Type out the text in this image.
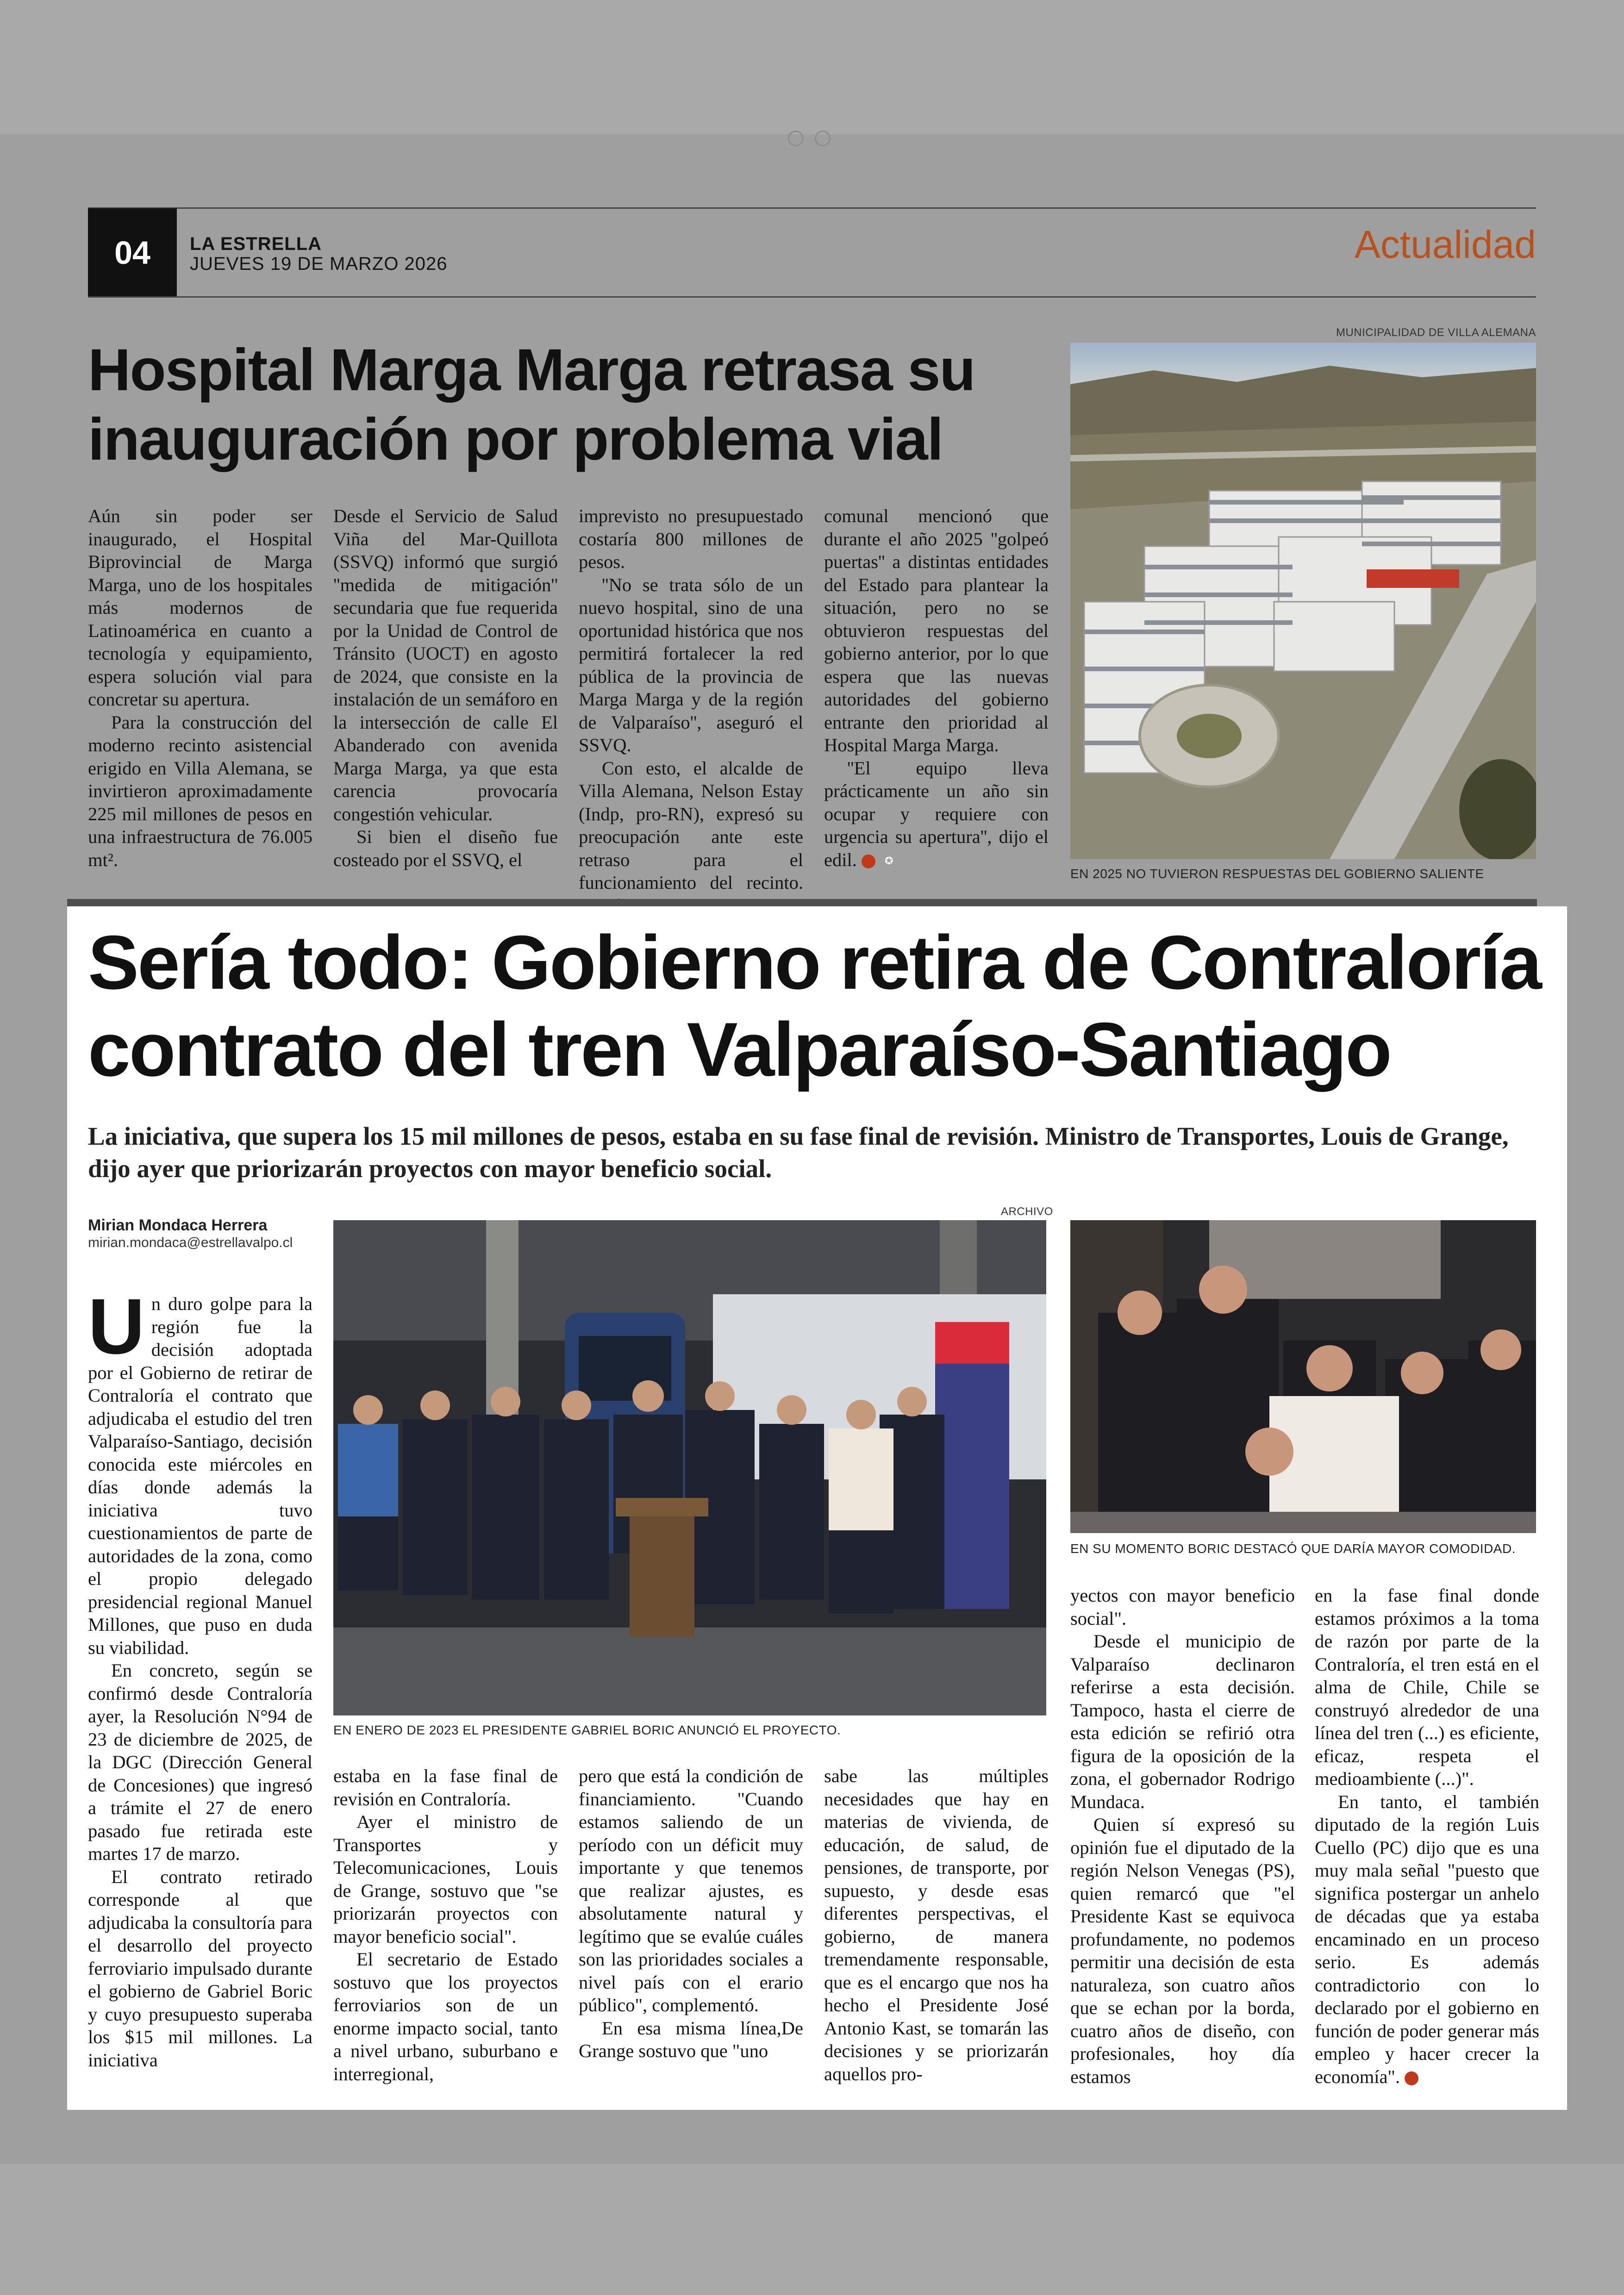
04	LA ESTRELLA
JUEVES 19 DE MARZO 2026	Actualidad
Hospital Marga Marga retrasa su inauguración por problema vial

Aún sin poder ser inaugurado, el Hospital Biprovincial de Marga Marga, uno de los hospitales más modernos de Latinoamérica en cuanto a tecnología y equipamiento, espera solución vial para concretar su apertura.

Para la construcción del moderno recinto asistencial erigido en Villa Alemana, se invirtieron aproximadamente 225 mil millones de pesos en una infraestructura de 76.005 mt².

Desde el Servicio de Salud Viña del Mar-Quillota (SSVQ) informó que surgió ''medida de mitigación'' secundaria que fue requerida por la Unidad de Control de Tránsito (UOCT) en agosto de 2024, que consiste en la instalación de un semáforo en la intersección de calle El Abanderado con avenida Marga Marga, ya que esta carencia provocaría congestión vehicular.

Si bien el diseño fue costeado por el SSVQ, el

imprevisto no presupuestado costaría 800 millones de pesos.

''No se trata sólo de un nuevo hospital, sino de una oportunidad histórica que nos permitirá fortalecer la red pública de la provincia de Marga Marga y de la región de Valparaíso'', aseguró el SSVQ.

Con esto, el alcalde de Villa Alemana, Nelson Estay (Indp, pro-RN), expresó su preocupación ante este retraso para el funcionamiento del recinto.

comunal mencionó que durante el año 2025 ''golpeó puertas'' a distintas entidades del Estado para plantear la situación, pero no se obtuvieron respuestas del gobierno anterior, por lo que espera que las nuevas autoridades del gobierno entrante den prioridad al Hospital Marga Marga.

''El equipo lleva prácticamente un año sin ocupar y requiere con urgencia su apertura'', dijo el edil.	✪

MUNICIPALIDAD DE VILLA ALEMANA
EN 2025 NO TUVIERON RESPUESTAS DEL GOBIERNO SALIENTE
Sería todo: Gobierno retira de Contraloría contrato del tren Valparaíso-Santiago
La iniciativa, que supera los 15 mil millones de pesos, estaba en su fase final de revisión. Ministro de Transportes, Louis de Grange, dijo ayer que priorizarán proyectos con mayor beneficio social.
Mirian Mondaca Herrera
mirian.mondaca@estrellavalpo.cl
ARCHIVO
EN ENERO DE 2023 EL PRESIDENTE GABRIEL BORIC ANUNCIÓ EL PROYECTO.
EN SU MOMENTO BORIC DESTACÓ QUE DARÍA MAYOR COMODIDAD.

Un duro golpe para la región fue la decisión adoptada por el Gobierno de retirar de Contraloría el contrato que adjudicaba el estudio del tren Valparaíso-Santiago, decisión conocida este miércoles en días donde además la iniciativa tuvo cuestionamientos de parte de autoridades de la zona, como el propio delegado presidencial regional Manuel Millones, que puso en duda su viabilidad.

En concreto, según se confirmó desde Contraloría ayer, la Resolución N°94 de 23 de diciembre de 2025, de la DGC (Dirección General de Concesiones) que ingresó a trámite el 27 de enero pasado fue retirada este martes 17 de marzo.

El contrato retirado corresponde al que adjudicaba la consultoría para el desarrollo del proyecto ferroviario impulsado durante el gobierno de Gabriel Boric y cuyo presupuesto superaba los $15 mil millones. La iniciativa

estaba en la fase final de revisión en Contraloría.

Ayer el ministro de Transportes y Telecomunicaciones, Louis de Grange, sostuvo que "se priorizarán proyectos con mayor beneficio social".

El secretario de Estado sostuvo que los proyectos ferroviarios son de un enorme impacto social, tanto a nivel urbano, suburbano e interregional,

pero que está la condición de financiamiento. "Cuando estamos saliendo de un período con un déficit muy importante y que tenemos que realizar ajustes, es absolutamente natural y legítimo que se evalúe cuáles son las prioridades sociales a nivel país con el erario público", complementó.

En esa misma línea,De Grange sostuvo que "uno

sabe las múltiples necesidades que hay en materias de vivienda, de educación, de salud, de pensiones, de transporte, por supuesto, y desde esas diferentes perspectivas, el gobierno, de manera tremendamente responsable, que es el encargo que nos ha hecho el Presidente José Antonio Kast, se tomarán las decisiones y se priorizarán aquellos pro-

yectos con mayor beneficio social".

Desde el municipio de Valparaíso declinaron referirse a esta decisión. Tampoco, hasta el cierre de esta edición se refirió otra figura de la oposición de la zona, el gobernador Rodrigo Mundaca.

Quien sí expresó su opinión fue el diputado de la región Nelson Venegas (PS), quien remarcó que "el Presidente Kast se equivoca profundamente, no podemos permitir una decisión de esta naturaleza, son cuatro años que se echan por la borda, cuatro años de diseño, con profesionales, hoy día estamos

en la fase final donde estamos próximos a la toma de razón por parte de la Contraloría, el tren está en el alma de Chile, Chile se construyó alrededor de una línea del tren (...) es eficiente, eficaz, respeta el medioambiente (...)".

En tanto, el también diputado de la región Luis Cuello (PC) dijo que es una muy mala señal "puesto que significa postergar un anhelo de décadas que ya estaba encaminado en un proceso serio. Es además contradictorio con lo declarado por el gobierno en función de poder generar más empleo y hacer crecer la economía".	✪
